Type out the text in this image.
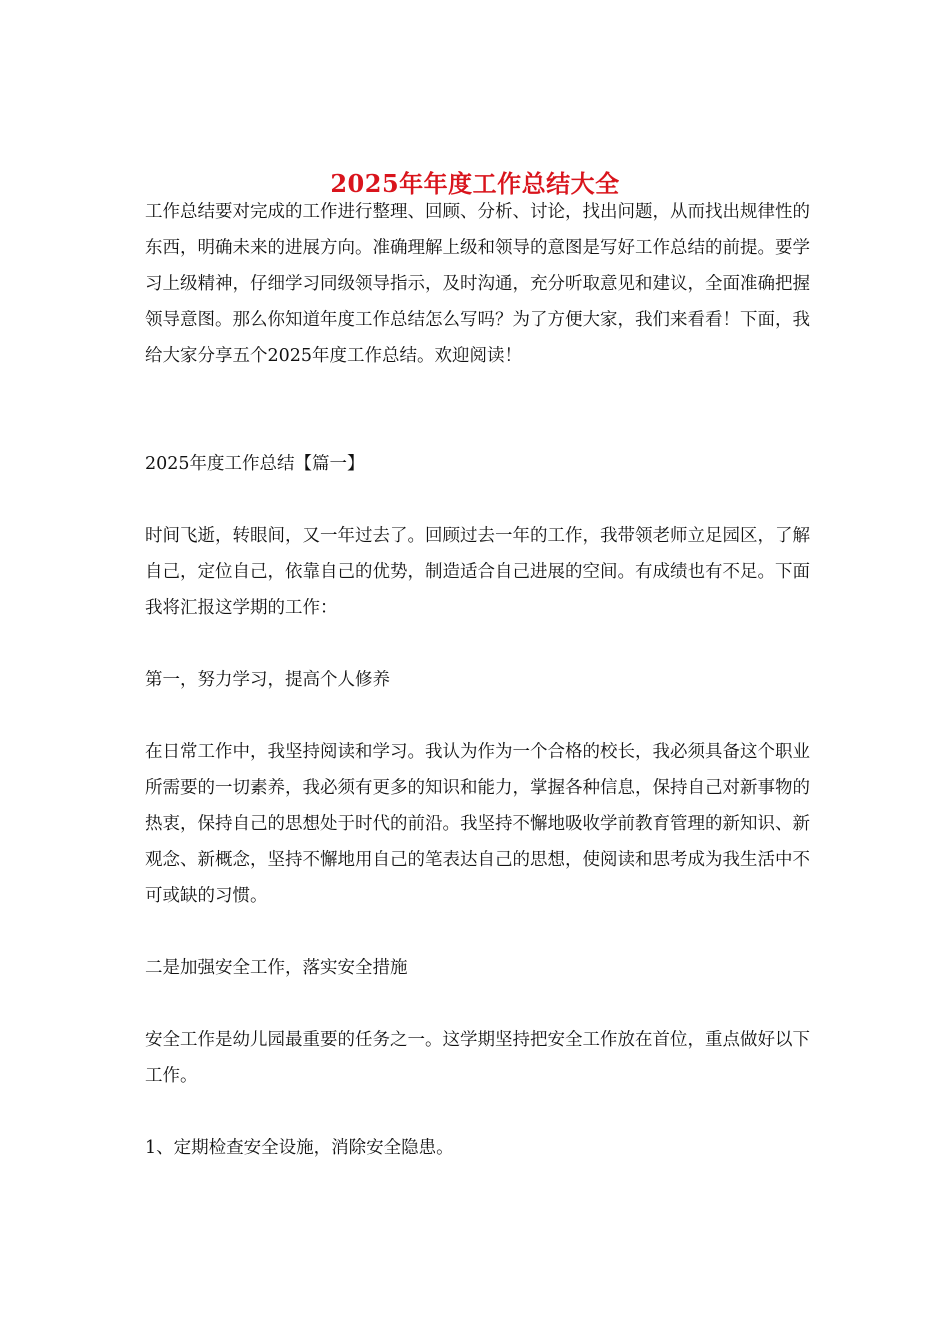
2025年年度工作总结大全

工作总结要对完成的工作进行整理、回顾、分析、讨论，找出问题，从而找出规律性的东西，明确未来的进展方向。准确理解上级和领导的意图是写好工作总结的前提。要学习上级精神，仔细学习同级领导指示，及时沟通，充分听取意见和建议，全面准确把握领导意图。那么你知道年度工作总结怎么写吗？为了方便大家，我们来看看！下面，我给大家分享五个2025年度工作总结。欢迎阅读！

2025年度工作总结【篇一】

时间飞逝，转眼间，又一年过去了。回顾过去一年的工作，我带领老师立足园区，了解自己，定位自己，依靠自己的优势，制造适合自己进展的空间。有成绩也有不足。下面我将汇报这学期的工作：

第一，努力学习，提高个人修养

在日常工作中，我坚持阅读和学习。我认为作为一个合格的校长，我必须具备这个职业所需要的一切素养，我必须有更多的知识和能力，掌握各种信息，保持自己对新事物的热衷，保持自己的思想处于时代的前沿。我坚持不懈地吸收学前教育管理的新知识、新观念、新概念，坚持不懈地用自己的笔表达自己的思想，使阅读和思考成为我生活中不可或缺的习惯。

二是加强安全工作，落实安全措施

安全工作是幼儿园最重要的任务之一。这学期坚持把安全工作放在首位，重点做好以下工作。

1、定期检查安全设施，消除安全隐患。
